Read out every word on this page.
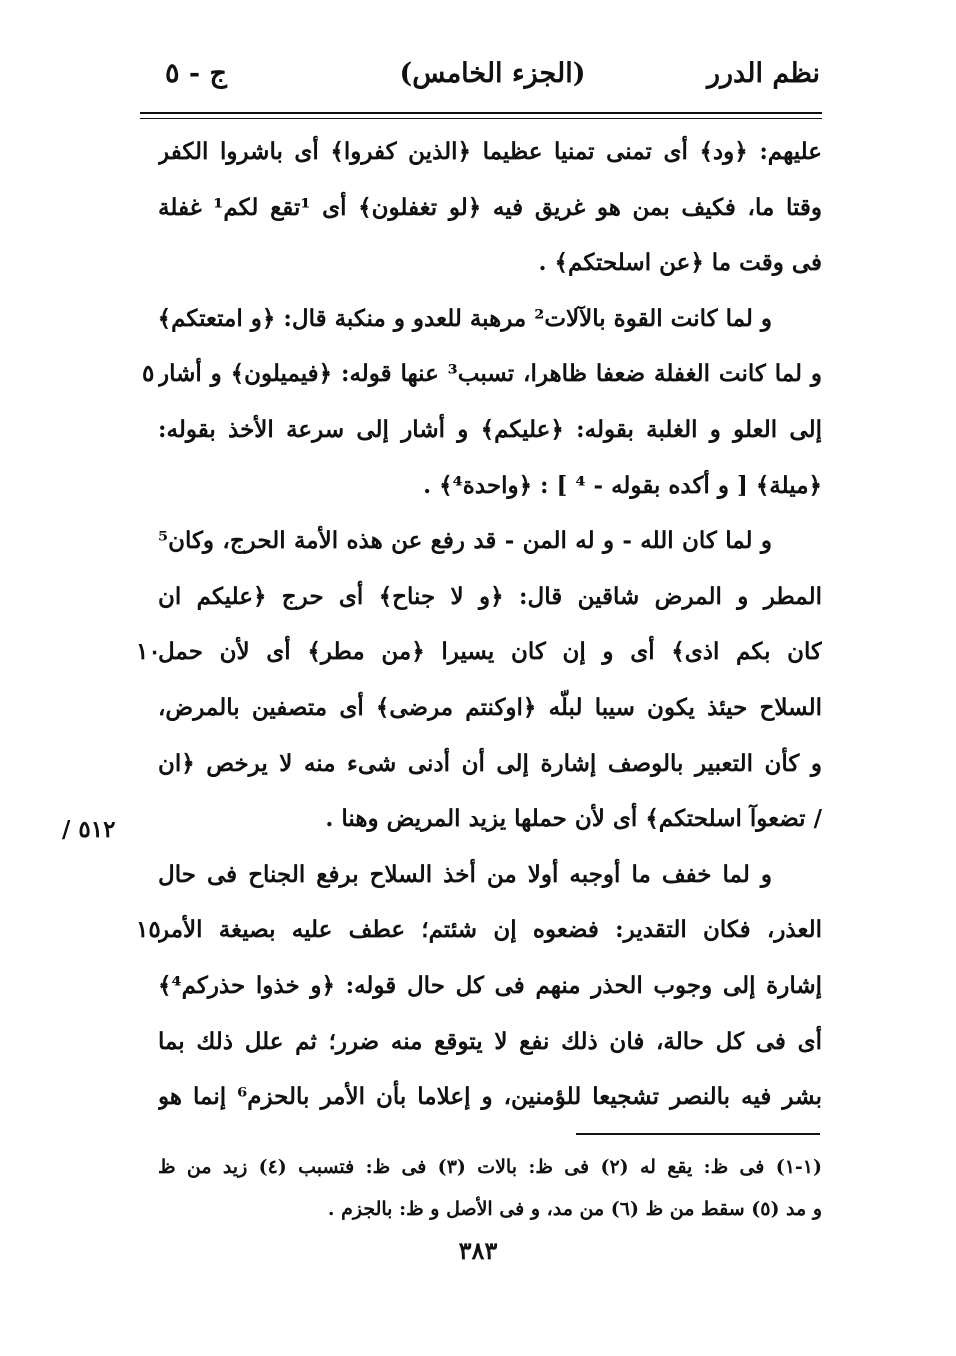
نظم الدرر
(الجزء الخامس)
ج - ٥
عليهم: ﴿ود﴾ أى تمنى تمنيا عظيما ﴿الذين كفروا﴾ أى باشروا الكفر
وقتا ما، فكيف بمن هو غريق فيه ﴿لو تغفلون﴾ أى ¹تقع لكم¹ غفلة
فى وقت ما ﴿عن اسلحتكم﴾ .
و لما كانت القوة بالآلات² مرهبة للعدو و منكبة قال: ﴿و امتعتكم﴾
و لما كانت الغفلة ضعفا ظاهرا، تسبب³ عنها قوله: ﴿فيميلون﴾ و أشار
إلى العلو و الغلبة بقوله: ﴿عليكم﴾ و أشار إلى سرعة الأخذ بقوله:
﴿ميلة﴾ [ و أكده بقوله - ⁴ ] : ﴿واحدة⁴﴾ .
و لما كان الله - و له المن - قد رفع عن هذه الأمة الحرج، وكان⁵
المطر و المرض شاقين قال: ﴿و لا جناح﴾ أى حرج ﴿عليكم ان
كان بكم اذى﴾ أى و إن كان يسيرا ﴿من مطر﴾ أى لأن حمل
السلاح حيئذ يكون سيبا لبلّه ﴿اوكنتم مرضى﴾ أى متصفين بالمرض،
و كأن التعبير بالوصف إشارة إلى أن أدنى شىء منه لا يرخص ﴿ان
/ تضعوآ اسلحتكم﴾ أى لأن حملها يزيد المريض وهنا .
و لما خفف ما أوجبه أولا من أخذ السلاح برفع الجناح فى حال
العذر، فكان التقدير: فضعوه إن شئتم؛ عطف عليه بصيغة الأمر
إشارة إلى وجوب الحذر منهم فى كل حال قوله: ﴿و خذوا حذركم⁴﴾
أى فى كل حالة، فان ذلك نفع لا يتوقع منه ضرر؛ ثم علل ذلك بما
بشر فيه بالنصر تشجيعا للؤمنين، و إعلاما بأن الأمر بالحزم⁶ إنما هو
٥
١٠
١٥
٥١٢ /
(١-١) فى ظ: يقع له (٢) فى ظ: بالات (٣) فى ظ: فتسبب (٤) زيد من ظ
و مد (٥) سقط من ظ (٦) من مد، و فى الأصل و ظ: بالجزم .
٣٨٣
